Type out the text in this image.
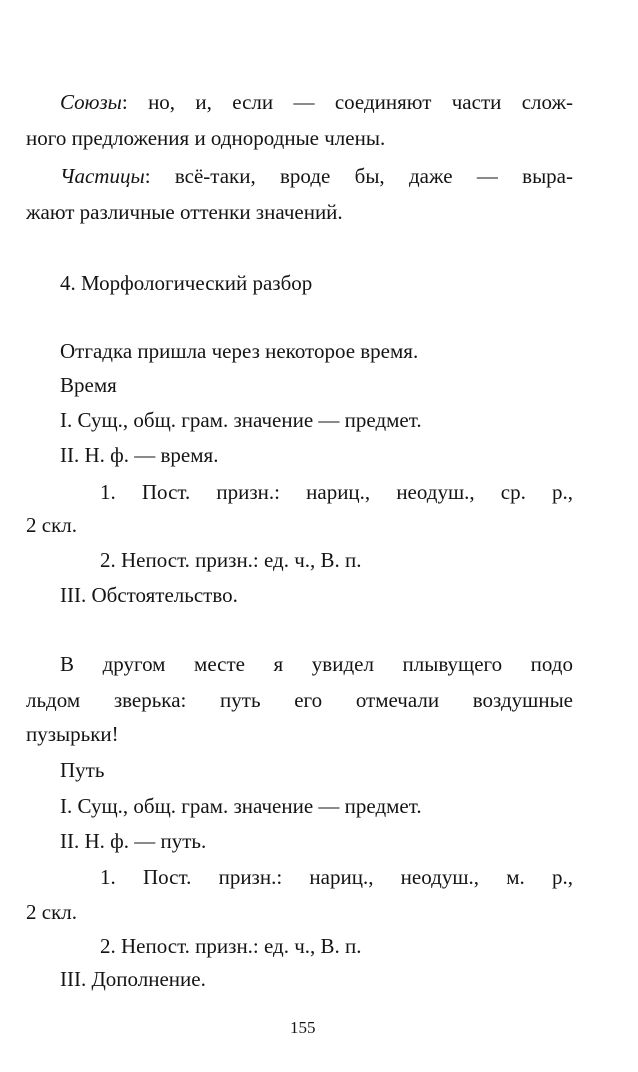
Союзы: но, и, если — соединяют части слож-
ного предложения и однородные члены.
Частицы: всё-таки, вроде бы, даже — выра-
жают различные оттенки значений.
4. Морфологический разбор
Отгадка пришла через некоторое время.
Время
I. Сущ., общ. грам. значение — предмет.
II. Н. ф. — время.
1. Пост. призн.: нариц., неодуш., ср. р.,
2 скл.
2. Непост. призн.: ед. ч., В. п.
III. Обстоятельство.
В другом месте я увидел плывущего подо
льдом зверька: путь его отмечали воздушные
пузырьки!
Путь
I. Сущ., общ. грам. значение — предмет.
II. Н. ф. — путь.
1. Пост. призн.: нариц., неодуш., м. р.,
2 скл.
2. Непост. призн.: ед. ч., В. п.
III. Дополнение.
155
